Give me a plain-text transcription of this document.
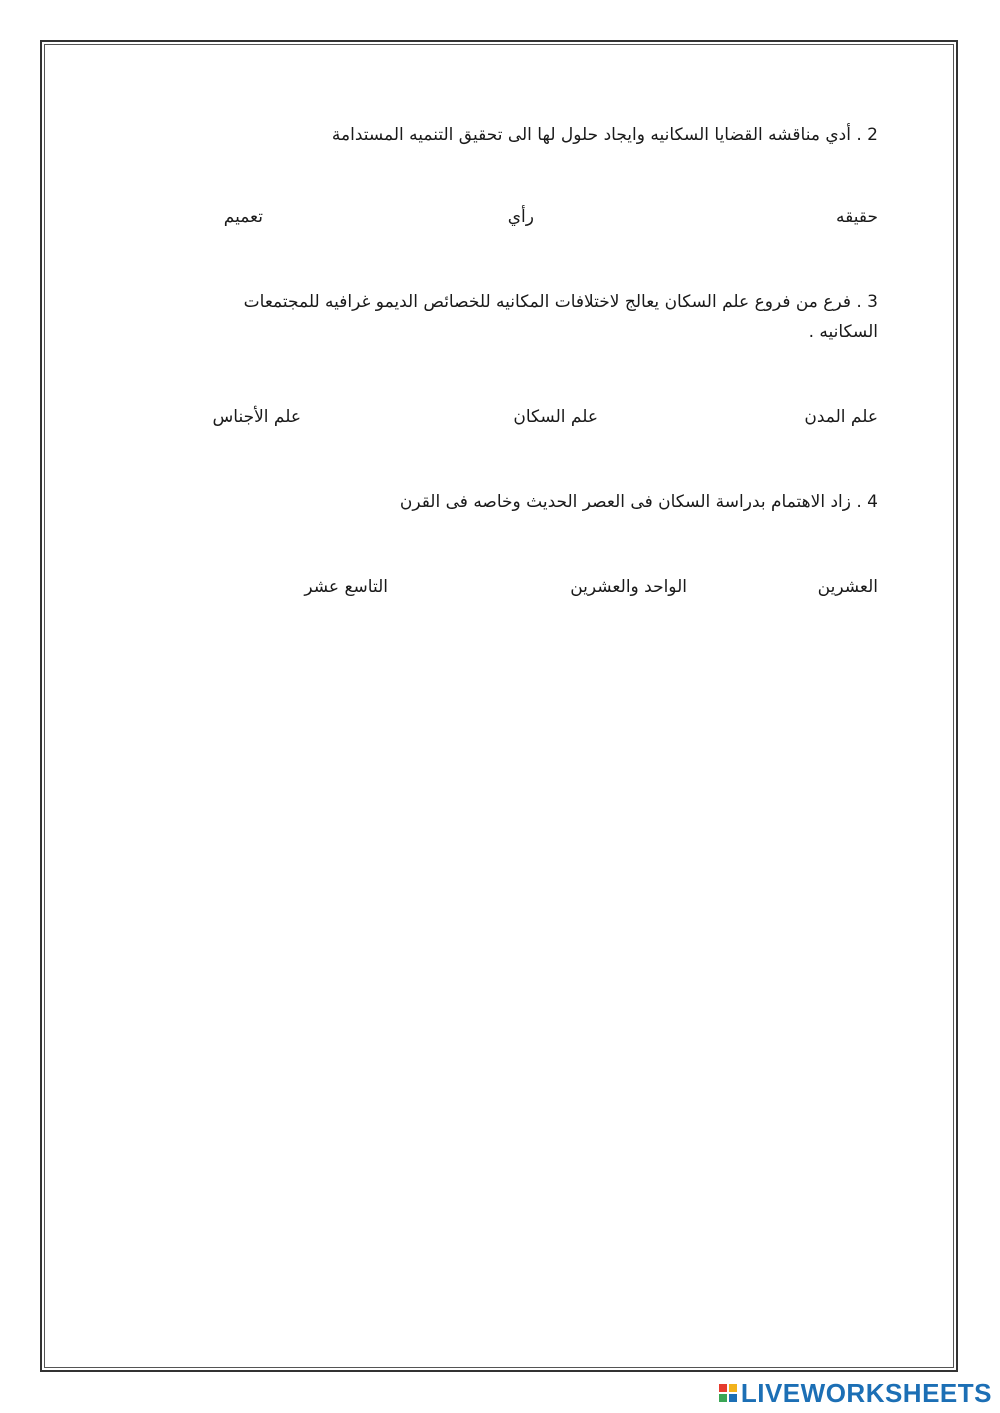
2 . أدي مناقشه القضايا السكانيه وايجاد حلول لها الى تحقيق التنميه المستدامة
حقيقه
رأي
تعميم
3 . فرع من فروع علم السكان يعالج لاختلافات المكانيه للخصائص الديمو غرافيه للمجتمعات
السكانيه .
علم المدن
علم السكان
علم الأجناس
4 . زاد الاهتمام بدراسة السكان فى العصر الحديث وخاصه فى القرن
العشرين
الواحد والعشرين
التاسع عشر
LIVEWORKSHEETS
